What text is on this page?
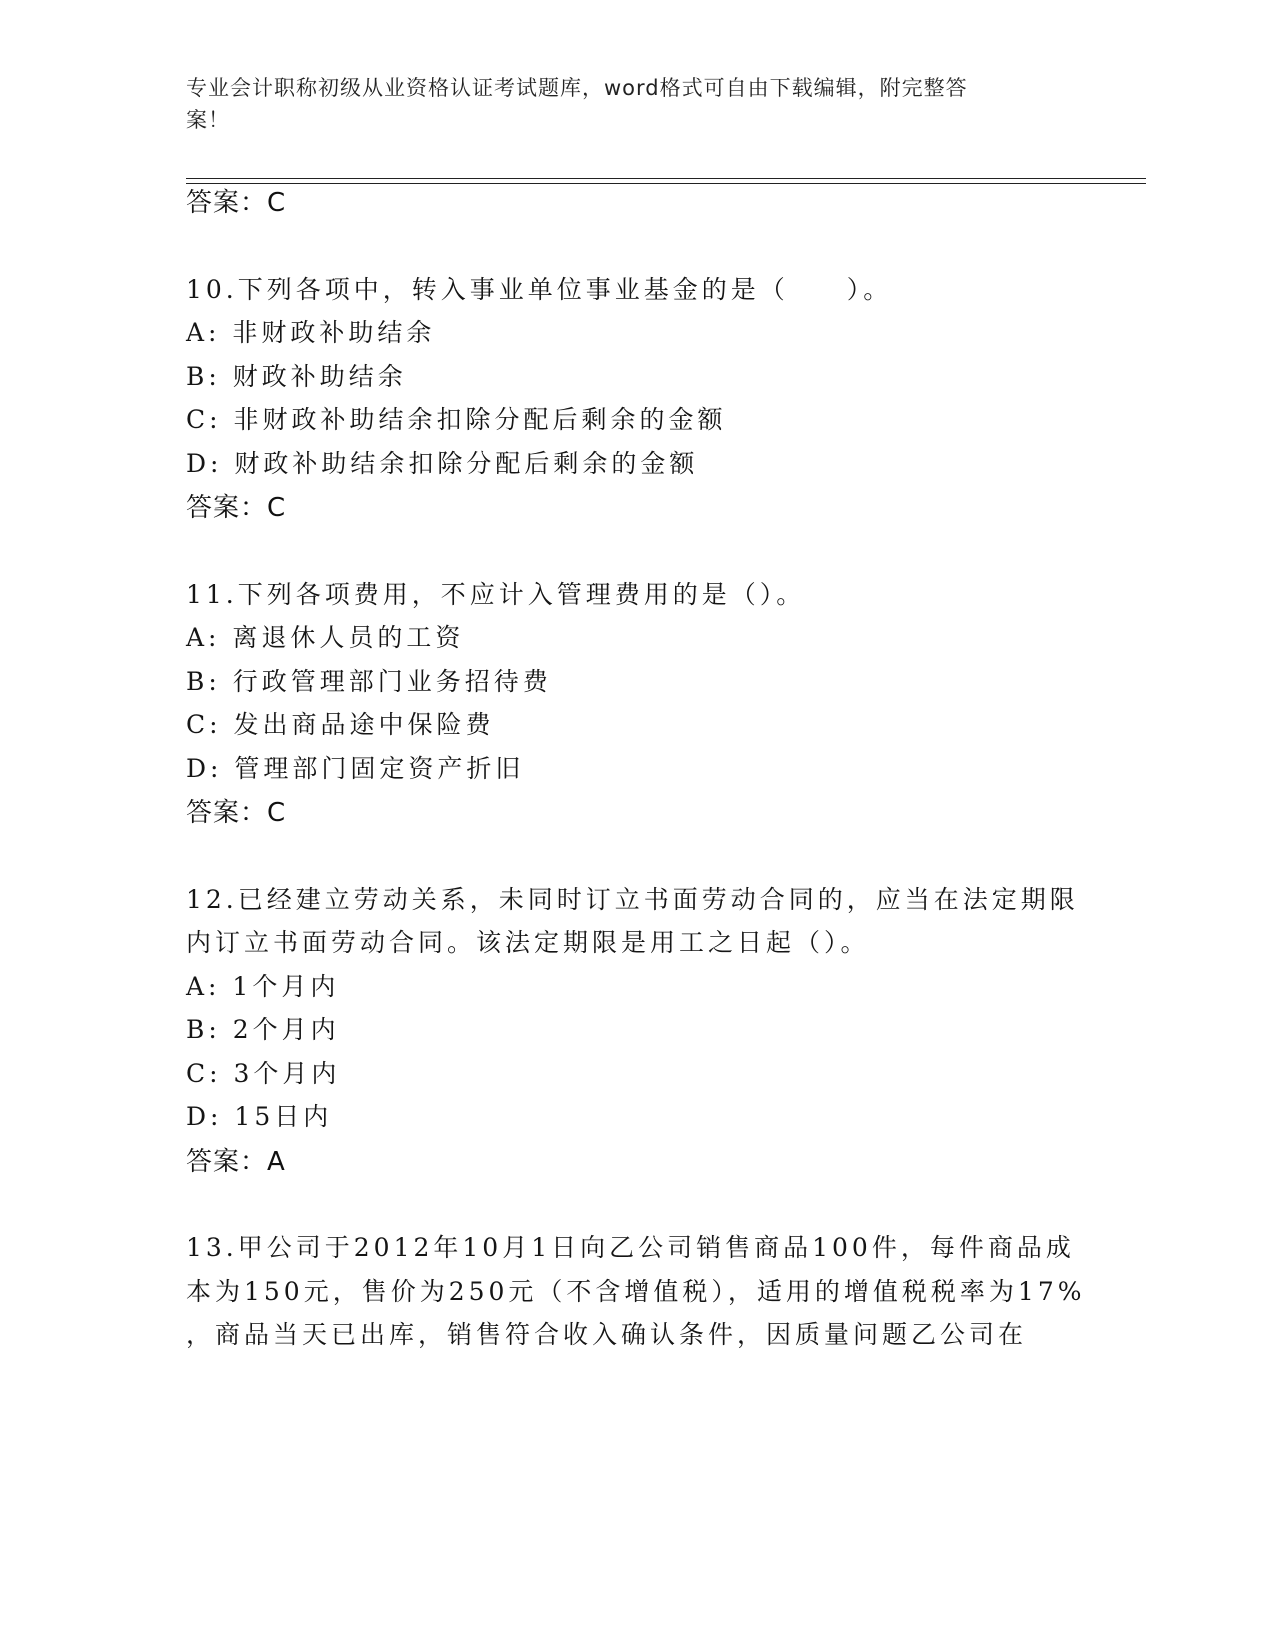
专业会计职称初级从业资格认证考试题库，word格式可自由下载编辑，附完整答
案！
答案：C
10.下列各项中，转入事业单位事业基金的是（　　）。
A: 非财政补助结余
B: 财政补助结余
C: 非财政补助结余扣除分配后剩余的金额
D: 财政补助结余扣除分配后剩余的金额
答案：C
11.下列各项费用，不应计入管理费用的是（）。
A: 离退休人员的工资
B: 行政管理部门业务招待费
C: 发出商品途中保险费
D: 管理部门固定资产折旧
答案：C
12.已经建立劳动关系，未同时订立书面劳动合同的，应当在法定期限
内订立书面劳动合同。该法定期限是用工之日起（）。
A: 1个月内
B: 2个月内
C: 3个月内
D: 15日内
答案：A
13.甲公司于2012年10月1日向乙公司销售商品100件，每件商品成
本为150元，售价为250元（不含增值税），适用的增值税税率为17%
，商品当天已出库，销售符合收入确认条件，因质量问题乙公司在
